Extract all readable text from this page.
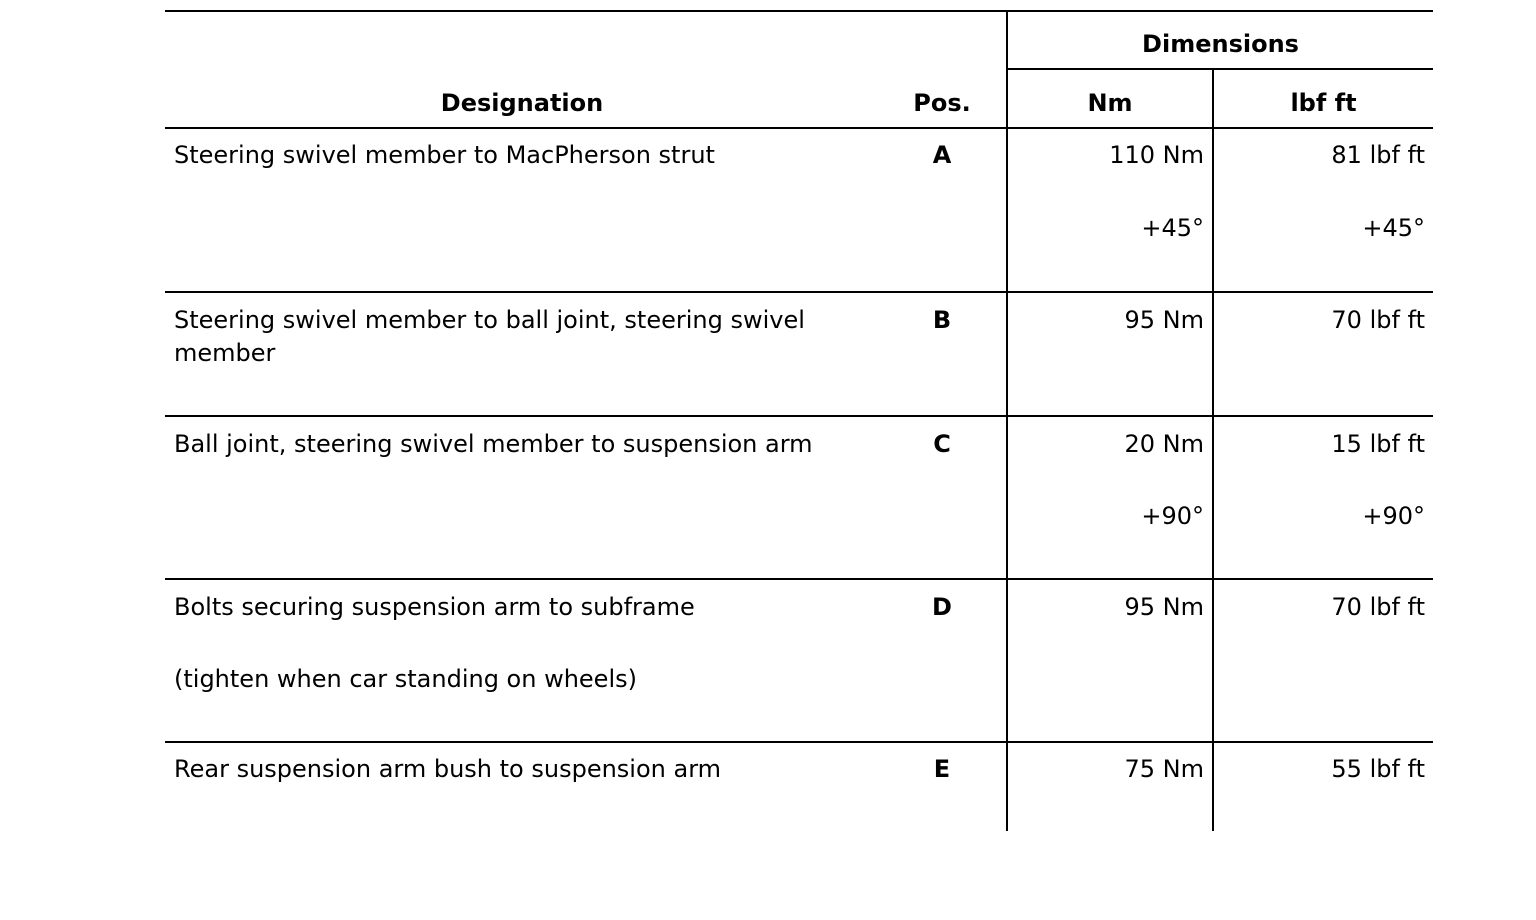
Dimensions
Designation	Pos.	Nm	lbf ft
Steering swivel member to MacPherson strut	A	110 Nm	81 lbf ft
+45°	+45°
Steering swivel member to ball joint, steering swivel member
B	95 Nm	70 lbf ft
Ball joint, steering swivel member to suspension arm	C	20 Nm	15 lbf ft
+90°	+90°
Bolts securing suspension arm to subframe
(tighten when car standing on wheels)
D	95 Nm	70 lbf ft
Rear suspension arm bush to suspension arm	E	75 Nm	55 lbf ft
